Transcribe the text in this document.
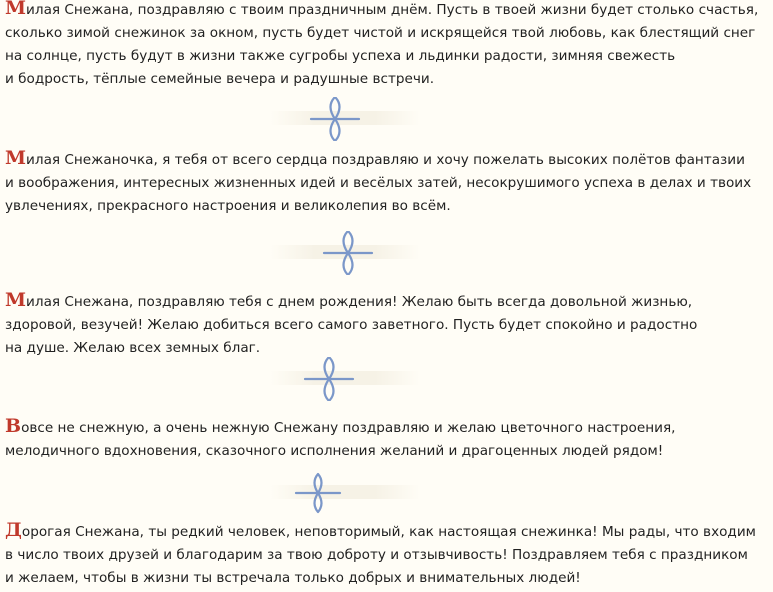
Милая Снежана, поздравляю с твоим праздничным днём. Пусть в твоей жизни будет столько счастья,
сколько зимой снежинок за окном, пусть будет чистой и искрящейся твой любовь, как блестящий снег
на солнце, пусть будут в жизни также сугробы успеха и льдинки радости, зимняя свежесть
и бодрость, тёплые семейные вечера и радушные встречи.

Милая Снежаночка, я тебя от всего сердца поздравляю и хочу пожелать высоких полётов фантазии
и воображения, интересных жизненных идей и весёлых затей, несокрушимого успеха в делах и твоих
увлечениях, прекрасного настроения и великолепия во всём.

Милая Снежана, поздравляю тебя с днем рождения! Желаю быть всегда довольной жизнью,
здоровой, везучей! Желаю добиться всего самого заветного. Пусть будет спокойно и радостно
на душе. Желаю всех земных благ.

Вовсе не снежную, а очень нежную Снежану поздравляю и желаю цветочного настроения,
мелодичного вдохновения, сказочного исполнения желаний и драгоценных людей рядом!

Дорогая Снежана, ты редкий человек, неповторимый, как настоящая снежинка! Мы рады, что входим
в число твоих друзей и благодарим за твою доброту и отзывчивость! Поздравляем тебя с праздником
и желаем, чтобы в жизни ты встречала только добрых и внимательных людей!
